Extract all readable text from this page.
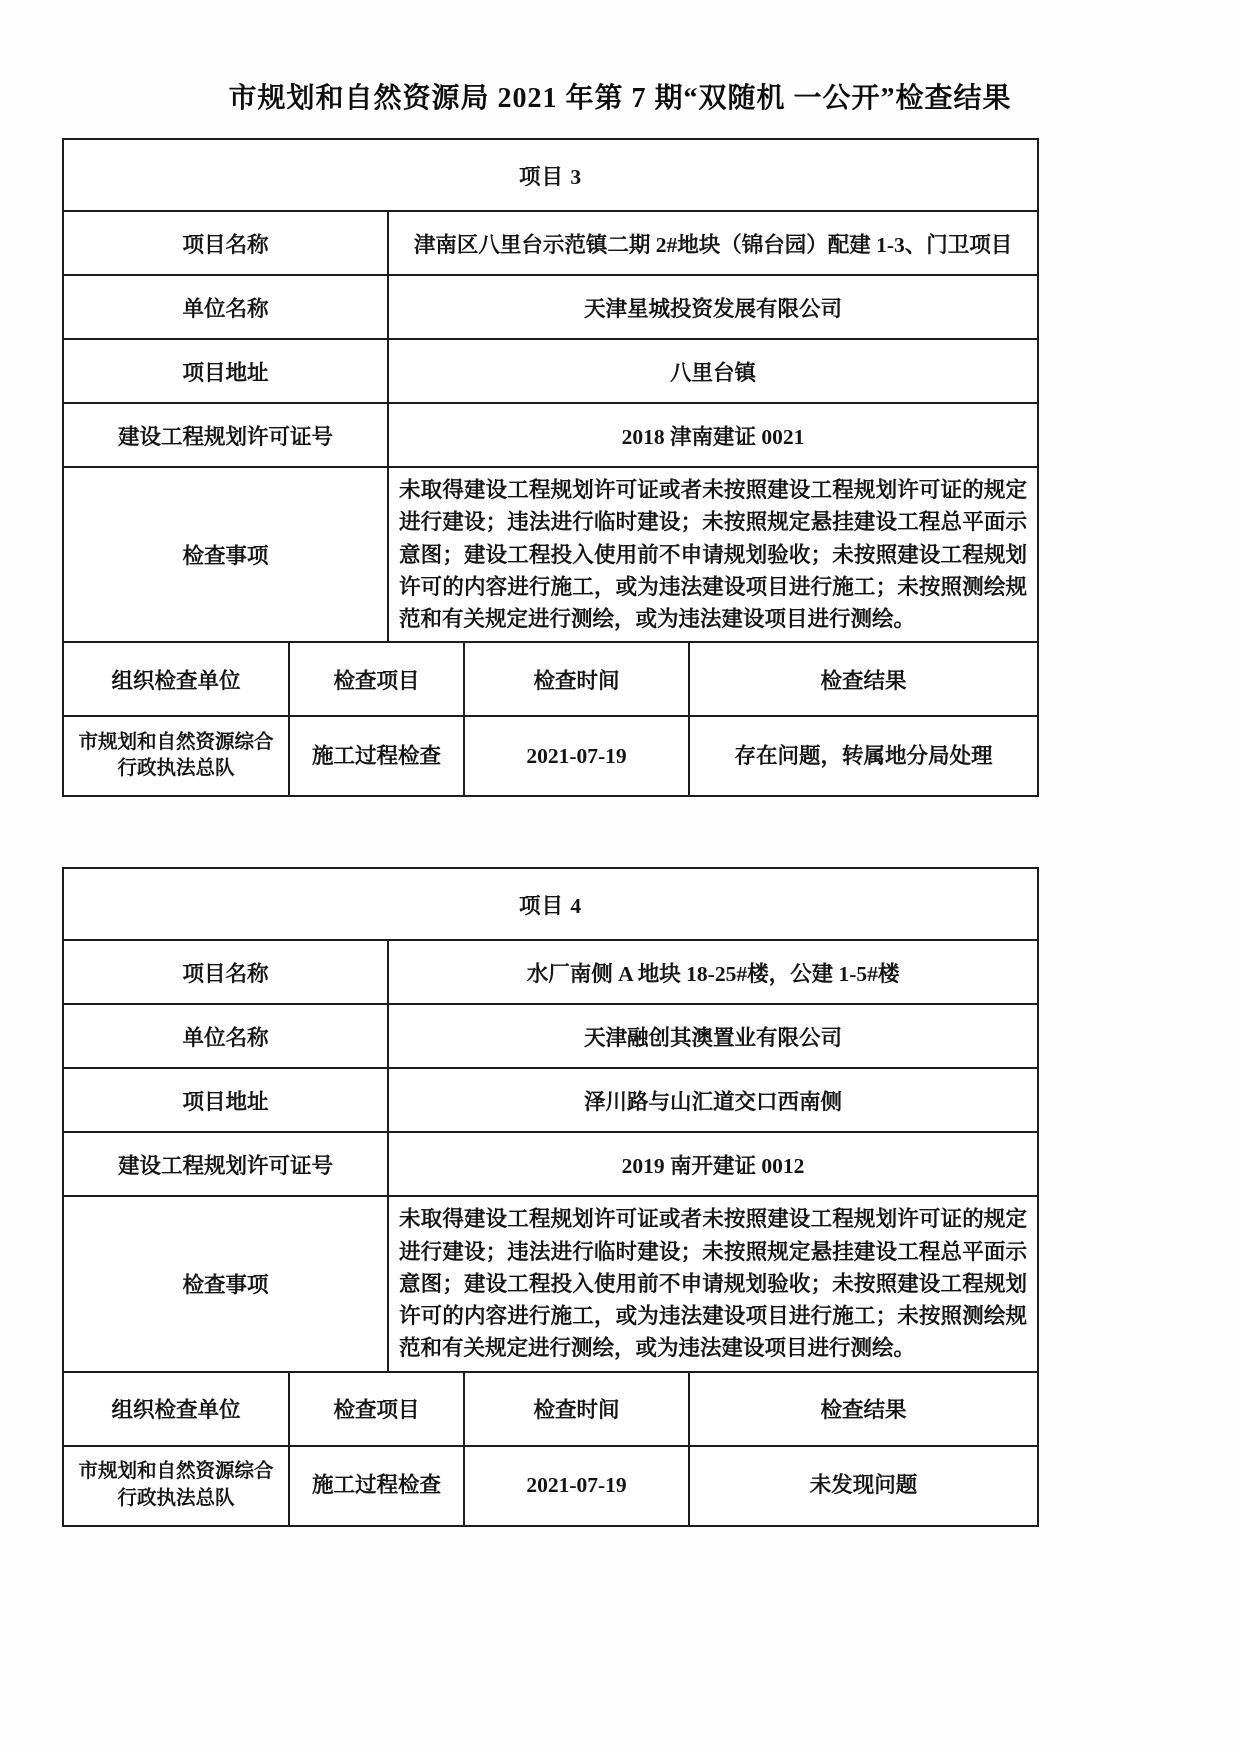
市规划和自然资源局 2021 年第 7 期“双随机 一公开”检查结果
项目 3				
项目名称		津南区八里台示范镇二期 2#地块（锦台园）配建 1-3、门卫项目		
单位名称		天津星城投资发展有限公司		
项目地址		八里台镇		
建设工程规划许可证号		2018 津南建证 0021		
检查事项		未取得建设工程规划许可证或者未按照建设工程规划许可证的规定进行建设；违法进行临时建设；未按照规定悬挂建设工程总平面示意图；建设工程投入使用前不申请规划验收；未按照建设工程规划许可的内容进行施工，或为违法建设项目进行施工；未按照测绘规范和有关规定进行测绘，或为违法建设项目进行测绘。		
组织检查单位	检查项目		检查时间	检查结果
市规划和自然资源综合行政执法总队	施工过程检查		2021-07-19	存在问题，转属地分局处理
项目 4				
项目名称		水厂南侧 A 地块 18-25#楼，公建 1-5#楼		
单位名称		天津融创其澳置业有限公司		
项目地址		泽川路与山汇道交口西南侧		
建设工程规划许可证号		2019 南开建证 0012		
检查事项		未取得建设工程规划许可证或者未按照建设工程规划许可证的规定进行建设；违法进行临时建设；未按照规定悬挂建设工程总平面示意图；建设工程投入使用前不申请规划验收；未按照建设工程规划许可的内容进行施工，或为违法建设项目进行施工；未按照测绘规范和有关规定进行测绘，或为违法建设项目进行测绘。		
组织检查单位	检查项目		检查时间	检查结果
市规划和自然资源综合行政执法总队	施工过程检查		2021-07-19	未发现问题
